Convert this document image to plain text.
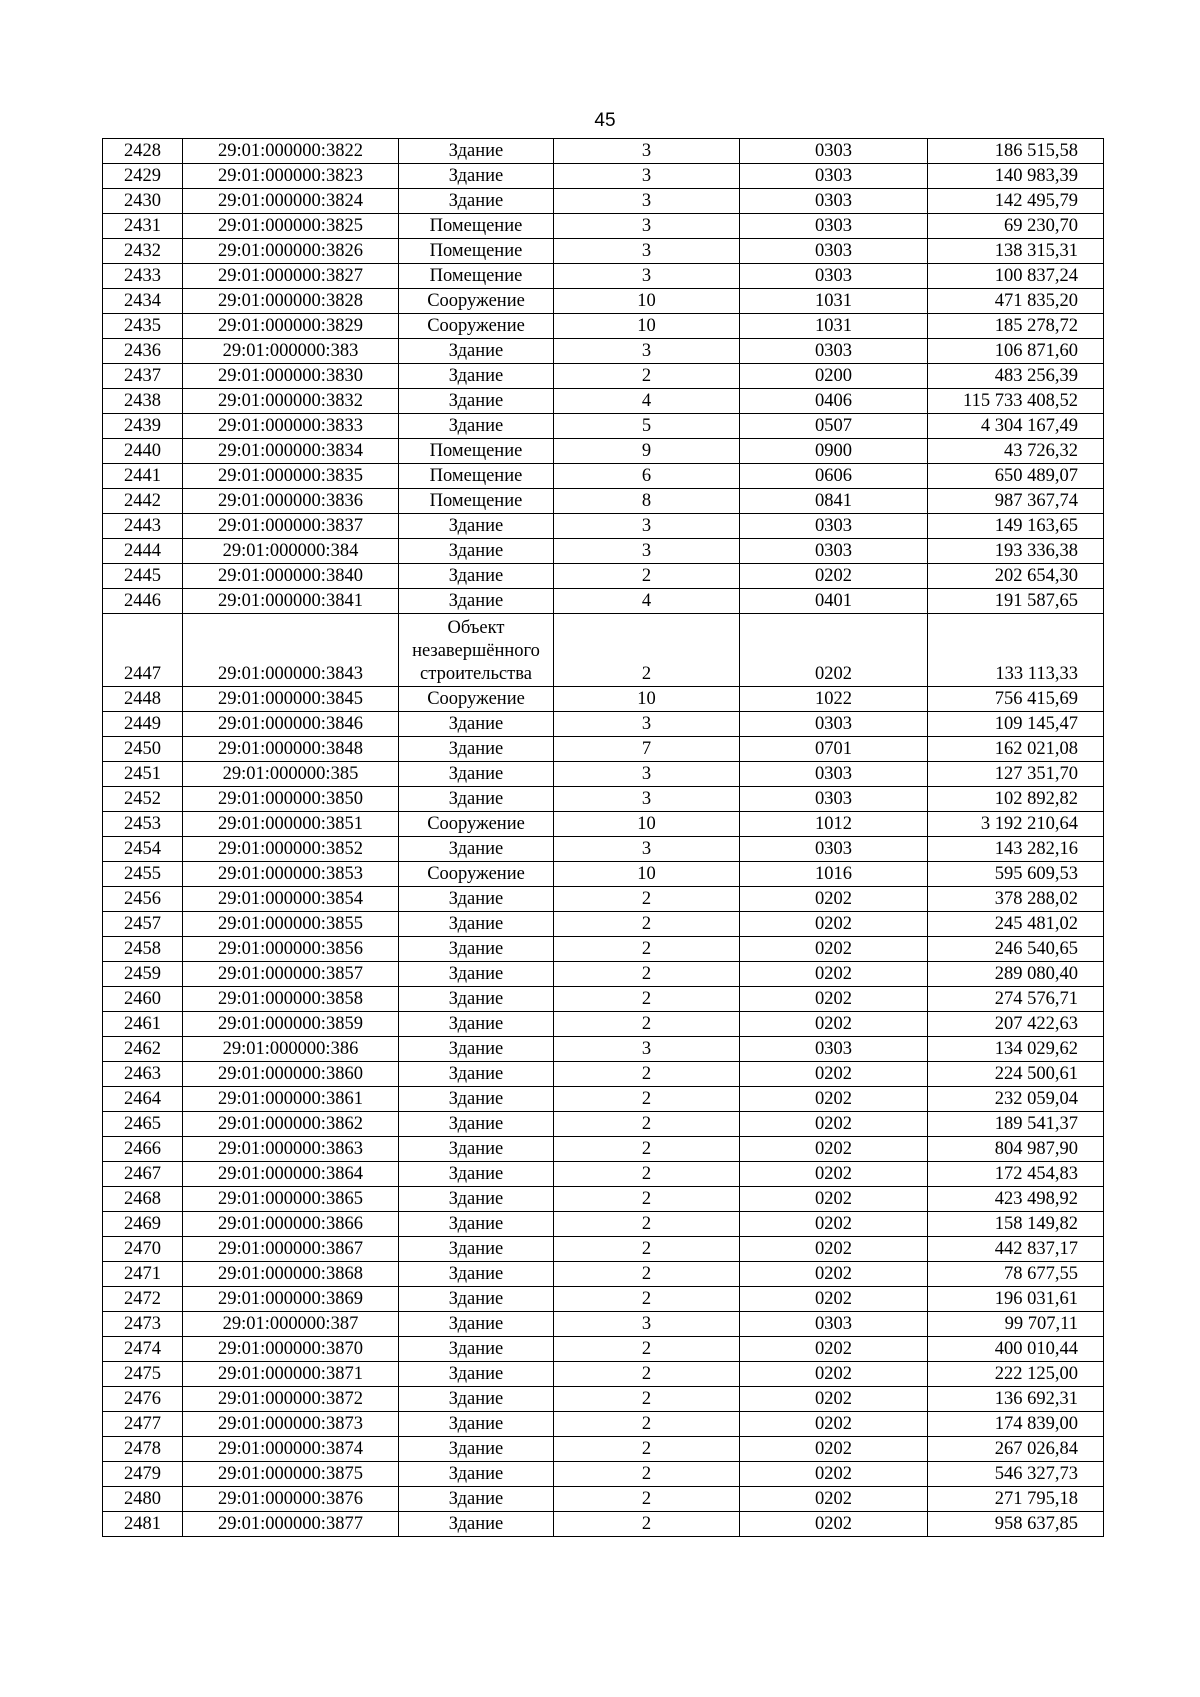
45
2428	29:01:000000:3822	Здание	3	0303	186 515,58
2429	29:01:000000:3823	Здание	3	0303	140 983,39
2430	29:01:000000:3824	Здание	3	0303	142 495,79
2431	29:01:000000:3825	Помещение	3	0303	69 230,70
2432	29:01:000000:3826	Помещение	3	0303	138 315,31
2433	29:01:000000:3827	Помещение	3	0303	100 837,24
2434	29:01:000000:3828	Сооружение	10	1031	471 835,20
2435	29:01:000000:3829	Сооружение	10	1031	185 278,72
2436	29:01:000000:383	Здание	3	0303	106 871,60
2437	29:01:000000:3830	Здание	2	0200	483 256,39
2438	29:01:000000:3832	Здание	4	0406	115 733 408,52
2439	29:01:000000:3833	Здание	5	0507	4 304 167,49
2440	29:01:000000:3834	Помещение	9	0900	43 726,32
2441	29:01:000000:3835	Помещение	6	0606	650 489,07
2442	29:01:000000:3836	Помещение	8	0841	987 367,74
2443	29:01:000000:3837	Здание	3	0303	149 163,65
2444	29:01:000000:384	Здание	3	0303	193 336,38
2445	29:01:000000:3840	Здание	2	0202	202 654,30
2446	29:01:000000:3841	Здание	4	0401	191 587,65
2447	29:01:000000:3843	Объект незавершённого строительства	2	0202	133 113,33
2448	29:01:000000:3845	Сооружение	10	1022	756 415,69
2449	29:01:000000:3846	Здание	3	0303	109 145,47
2450	29:01:000000:3848	Здание	7	0701	162 021,08
2451	29:01:000000:385	Здание	3	0303	127 351,70
2452	29:01:000000:3850	Здание	3	0303	102 892,82
2453	29:01:000000:3851	Сооружение	10	1012	3 192 210,64
2454	29:01:000000:3852	Здание	3	0303	143 282,16
2455	29:01:000000:3853	Сооружение	10	1016	595 609,53
2456	29:01:000000:3854	Здание	2	0202	378 288,02
2457	29:01:000000:3855	Здание	2	0202	245 481,02
2458	29:01:000000:3856	Здание	2	0202	246 540,65
2459	29:01:000000:3857	Здание	2	0202	289 080,40
2460	29:01:000000:3858	Здание	2	0202	274 576,71
2461	29:01:000000:3859	Здание	2	0202	207 422,63
2462	29:01:000000:386	Здание	3	0303	134 029,62
2463	29:01:000000:3860	Здание	2	0202	224 500,61
2464	29:01:000000:3861	Здание	2	0202	232 059,04
2465	29:01:000000:3862	Здание	2	0202	189 541,37
2466	29:01:000000:3863	Здание	2	0202	804 987,90
2467	29:01:000000:3864	Здание	2	0202	172 454,83
2468	29:01:000000:3865	Здание	2	0202	423 498,92
2469	29:01:000000:3866	Здание	2	0202	158 149,82
2470	29:01:000000:3867	Здание	2	0202	442 837,17
2471	29:01:000000:3868	Здание	2	0202	78 677,55
2472	29:01:000000:3869	Здание	2	0202	196 031,61
2473	29:01:000000:387	Здание	3	0303	99 707,11
2474	29:01:000000:3870	Здание	2	0202	400 010,44
2475	29:01:000000:3871	Здание	2	0202	222 125,00
2476	29:01:000000:3872	Здание	2	0202	136 692,31
2477	29:01:000000:3873	Здание	2	0202	174 839,00
2478	29:01:000000:3874	Здание	2	0202	267 026,84
2479	29:01:000000:3875	Здание	2	0202	546 327,73
2480	29:01:000000:3876	Здание	2	0202	271 795,18
2481	29:01:000000:3877	Здание	2	0202	958 637,85
